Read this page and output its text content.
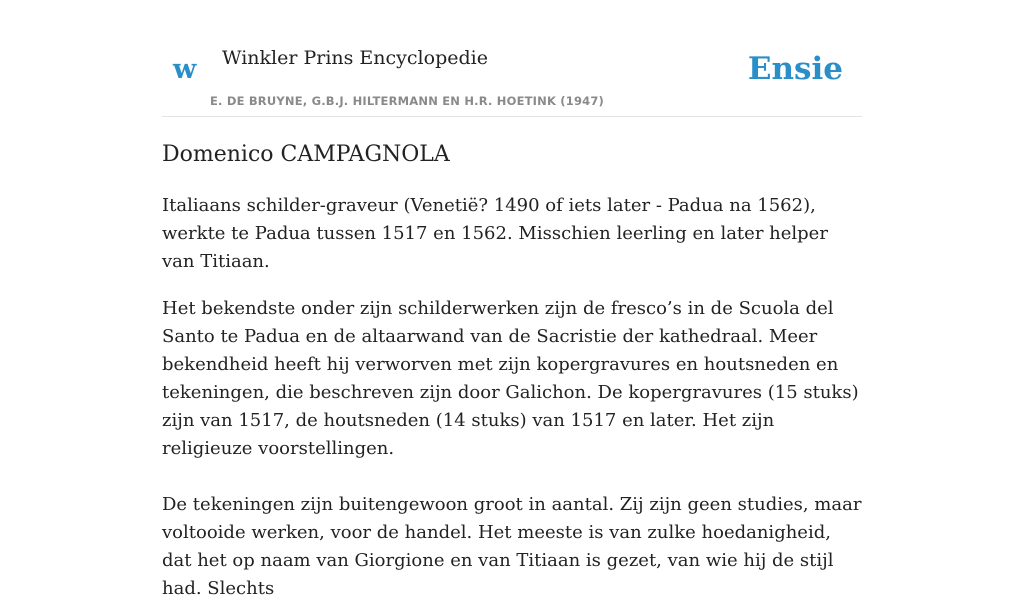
w Winkler Prins Encyclopedie	Ensie
E. DE BRUYNE, G.B.J. HILTERMANN EN H.R. HOETINK (1947)
Domenico CAMPAGNOLA

Italiaans schilder-graveur (Venetië? 1490 of iets later - Padua na 1562), werkte te Padua tussen 1517 en 1562. Misschien leerling en later helper van Titiaan.

Het bekendste onder zijn schilderwerken zijn de fresco’s in de Scuola del Santo te Padua en de altaarwand van de Sacristie der kathedraal. Meer bekendheid heeft hij verworven met zijn kopergravures en houtsneden en tekeningen, die beschreven zijn door Galichon. De kopergravures (15 stuks) zijn van 1517, de houtsneden (14 stuks) van 1517 en later. Het zijn religieuze voorstellingen.

De tekeningen zijn buitengewoon groot in aantal. Zij zijn geen studies, maar voltooide werken, voor de handel. Het meeste is van zulke hoedanigheid, dat het op naam van Giorgione en van Titiaan is gezet, van wie hij de stijl had. Slechts
